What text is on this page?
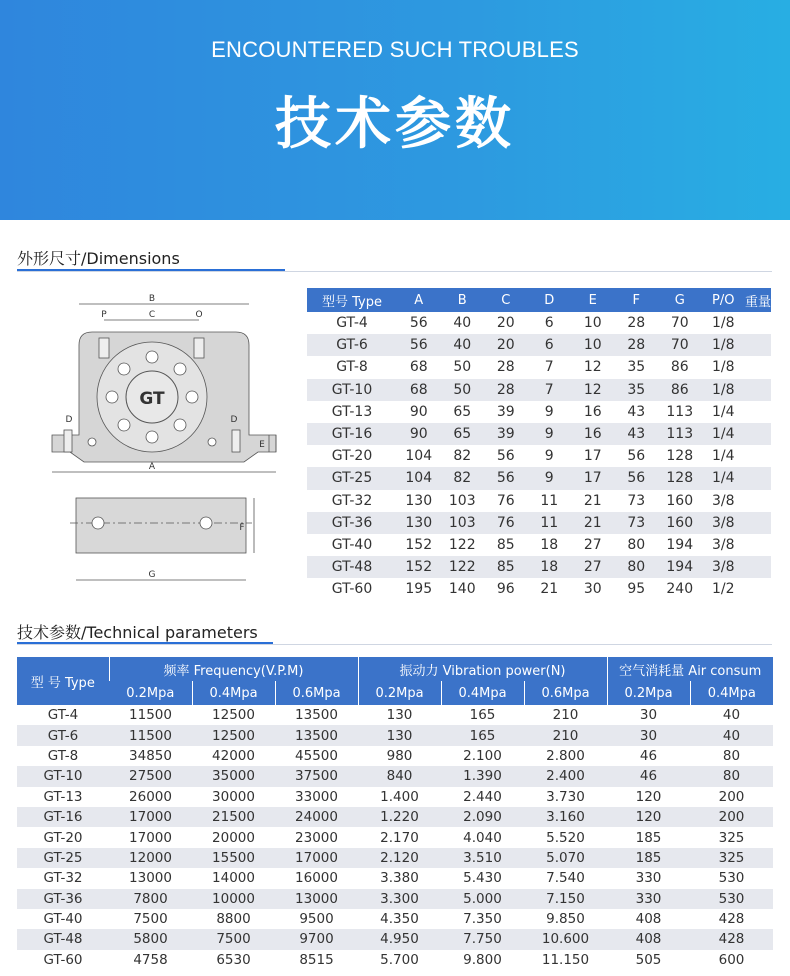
ENCOUNTERED SUCH TROUBLES
技术参数
外形尺寸/Dimensions
GT
B
P	C	O
D	D
E
A
F
G
型号 Type	A	B	C	D	E	F	G	P/O	重量
GT-4	56	40	20	6	10	28	70	1/8	
GT-6	56	40	20	6	10	28	70	1/8	
GT-8	68	50	28	7	12	35	86	1/8	
GT-10	68	50	28	7	12	35	86	1/8	
GT-13	90	65	39	9	16	43	113	1/4	
GT-16	90	65	39	9	16	43	113	1/4	
GT-20	104	82	56	9	17	56	128	1/4	
GT-25	104	82	56	9	17	56	128	1/4	
GT-32	130	103	76	11	21	73	160	3/8	
GT-36	130	103	76	11	21	73	160	3/8	
GT-40	152	122	85	18	27	80	194	3/8	
GT-48	152	122	85	18	27	80	194	3/8	
GT-60	195	140	96	21	30	95	240	1/2	
技术参数/Technical parameters
型 号 Type	频率 Frequency(V.P.M)			振动力 Vibration power(N)			空气消耗量 Air consum	
	0.2Mpa	0.4Mpa	0.6Mpa	0.2Mpa	0.4Mpa	0.6Mpa	0.2Mpa	0.4Mpa
GT-4	11500	12500	13500	130	165	210	30	40
GT-6	11500	12500	13500	130	165	210	30	40
GT-8	34850	42000	45500	980	2.100	2.800	46	80
GT-10	27500	35000	37500	840	1.390	2.400	46	80
GT-13	26000	30000	33000	1.400	2.440	3.730	120	200
GT-16	17000	21500	24000	1.220	2.090	3.160	120	200
GT-20	17000	20000	23000	2.170	4.040	5.520	185	325
GT-25	12000	15500	17000	2.120	3.510	5.070	185	325
GT-32	13000	14000	16000	3.380	5.430	7.540	330	530
GT-36	7800	10000	13000	3.300	5.000	7.150	330	530
GT-40	7500	8800	9500	4.350	7.350	9.850	408	428
GT-48	5800	7500	9700	4.950	7.750	10.600	408	428
GT-60	4758	6530	8515	5.700	9.800	11.150	505	600
